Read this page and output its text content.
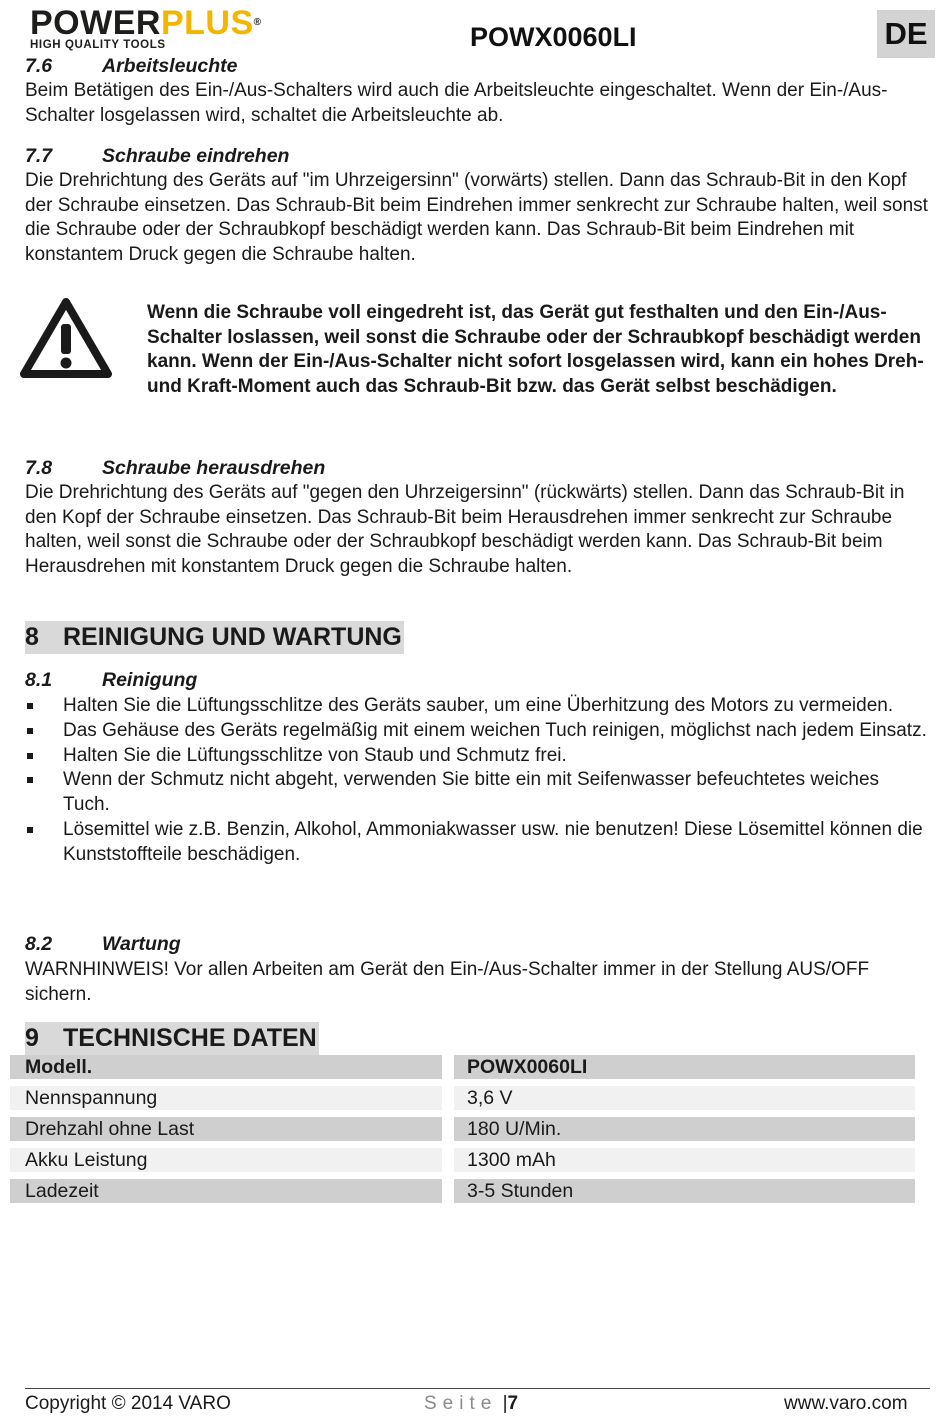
POWERPLUS®
HIGH QUALITY TOOLS	POWX0060LI	DE
7.6	Arbeitsleuchte
Beim Betätigen des Ein-/Aus-Schalters wird auch die Arbeitsleuchte eingeschaltet. Wenn der Ein-/Aus-Schalter losgelassen wird, schaltet die Arbeitsleuchte ab.
7.7	Schraube eindrehen
Die Drehrichtung des Geräts auf "im Uhrzeigersinn" (vorwärts) stellen. Dann das Schraub-Bit in den Kopf der Schraube einsetzen. Das Schraub-Bit beim Eindrehen immer senkrecht zur Schraube halten, weil sonst die Schraube oder der Schraubkopf beschädigt werden kann. Das Schraub-Bit beim Eindrehen mit konstantem Druck gegen die Schraube halten.
Wenn die Schraube voll eingedreht ist, das Gerät gut festhalten und den Ein-/Aus-Schalter loslassen, weil sonst die Schraube oder der Schraubkopf beschädigt werden kann. Wenn der Ein-/Aus-Schalter nicht sofort losgelassen wird, kann ein hohes Dreh- und Kraft-Moment auch das Schraub-Bit bzw. das Gerät selbst beschädigen.
7.8	Schraube herausdrehen
Die Drehrichtung des Geräts auf "gegen den Uhrzeigersinn" (rückwärts) stellen. Dann das Schraub-Bit in den Kopf der Schraube einsetzen. Das Schraub-Bit beim Herausdrehen immer senkrecht zur Schraube halten, weil sonst die Schraube oder der Schraubkopf beschädigt werden kann. Das Schraub-Bit beim Herausdrehen mit konstantem Druck gegen die Schraube halten.
8 REINIGUNG UND WARTUNG
8.1	Reinigung
Halten Sie die Lüftungsschlitze des Geräts sauber, um eine Überhitzung des Motors zu vermeiden.
Das Gehäuse des Geräts regelmäßig mit einem weichen Tuch reinigen, möglichst nach jedem Einsatz.
Halten Sie die Lüftungsschlitze von Staub und Schmutz frei.
Wenn der Schmutz nicht abgeht, verwenden Sie bitte ein mit Seifenwasser befeuchtetes weiches Tuch.
Lösemittel wie z.B. Benzin, Alkohol, Ammoniakwasser usw. nie benutzen! Diese Lösemittel können die Kunststoffteile beschädigen.
8.2	Wartung
WARNHINWEIS! Vor allen Arbeiten am Gerät den Ein-/Aus-Schalter immer in der Stellung AUS/OFF sichern.
9 TECHNISCHE DATEN
Modell.	POWX0060LI
Nennspannung	3,6 V
Drehzahl ohne Last	180 U/Min.
Akku Leistung	1300 mAh
Ladezeit	3-5 Stunden
Copyright © 2014 VARO	Seite |7	www.varo.com
